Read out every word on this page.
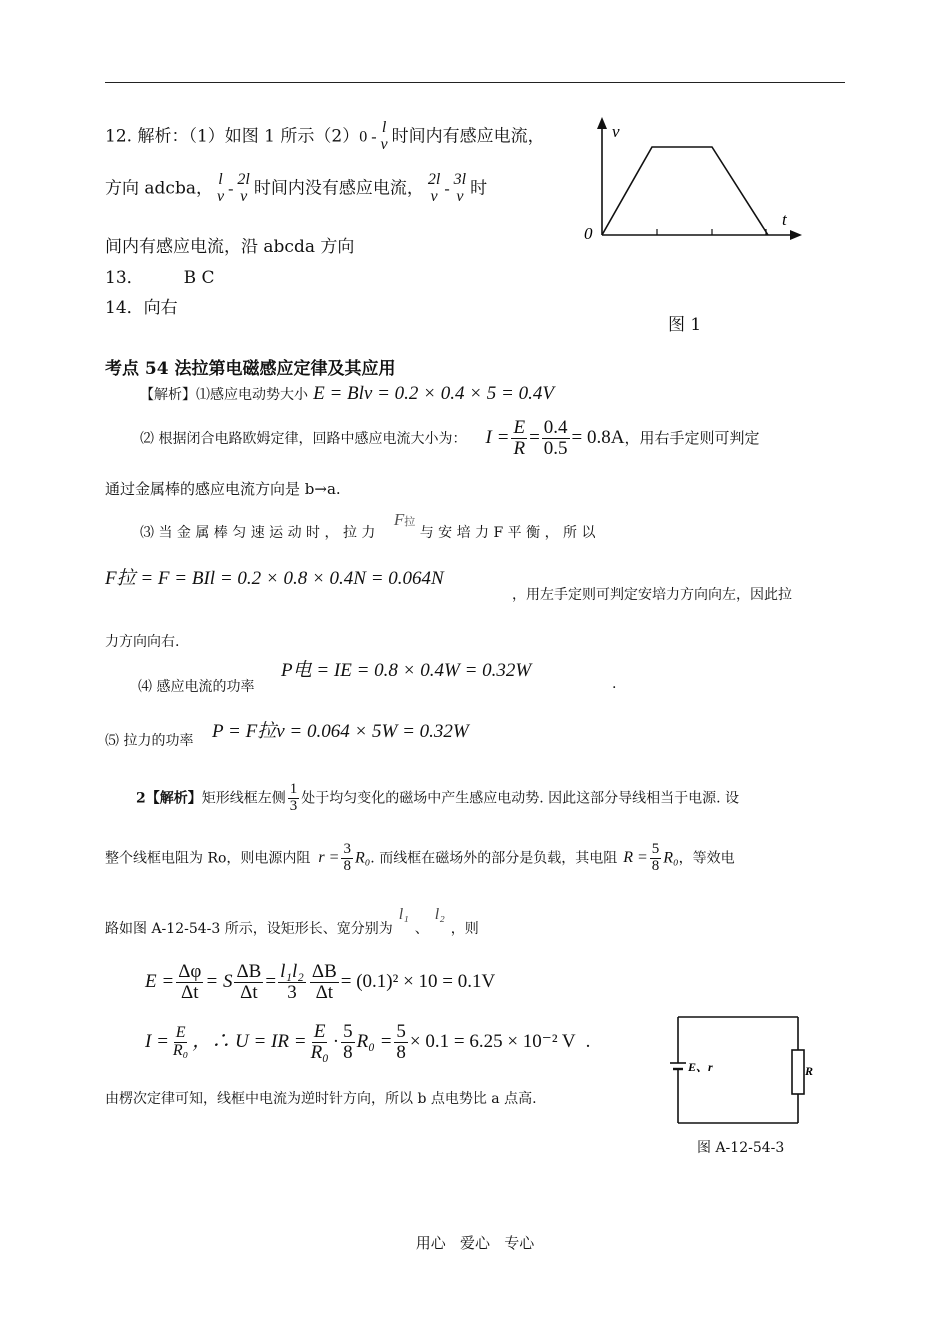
12. 解析：（1）如图 1 所示（2）0 -
l
v 时间内有感应电流，
方向 adcba， l
v -
2l
v 时间内没有感应电流， 2l
v -
3l
v 时
间内有感应电流，沿 abcda 方向
13． B C
14．向右
v
t
0
图 1
考点 54 法拉第电磁感应定律及其应用
【解析】⑴感应电动势大小 E = Blv = 0.2 × 0.4 × 5 = 0.4V
⑵ 根据闭合电路欧姆定律，回路中感应电流大小为： $I = \frac{E}{R} = \frac{0.4}{0.5} = 0.8A$，用右手定则可判定
通过金属棒的感应电流方向是 b→a.
⑶ 当 金 属 棒 匀 速 运 动 时 ， 拉 力 F拉 与 安 培 力 F 平 衡 ， 所 以
F拉 = F = BIl = 0.2 × 0.8 × 0.4N = 0.064N
，用左手定则可判定安培力方向向左，因此拉
力方向向右.
⑷ 感应电流的功率
P电 = IE = 0.8 × 0.4W = 0.32W
.
⑸ 拉力的功率 P = F拉v = 0.064 × 5W = 0.32W
2【解析】矩形线框左侧 $\frac{1}{3}$ 处于均匀变化的磁场中产生感应电动势. 因此这部分导线相当于电源. 设
整个线框电阻为 Ro，则电源内阻 $r = \frac{3}{8} R_0$. 而线框在磁场外的部分是负载，其电阻 $R = \frac{5}{8} R_0$，等效电
路如图 A-12-54-3 所示，设矩形长、宽分别为l₁、l₂，则
$E = \frac{\Delta\varphi}{\Delta t} = S \frac{\Delta B}{\Delta t} = \frac{\text{l₁l₂}}{3} \frac{\Delta B}{\Delta t} = (0.1)^2 \times 10 = 0.1V$
$I = \frac{E}{\text{R₀}}$ ，∴ U = IR = $\frac{E}{\text{R₀}} \cdot \frac{5}{8} R_0 = \frac{5}{8} \times 0.1 = 6.25 \times 10^{-2}$ V .
由楞次定律可知，线框中电流为逆时针方向，所以 b 点电势比 a 点高.
E、r	R
图 A-12-54-3
用心   爱心   专心
